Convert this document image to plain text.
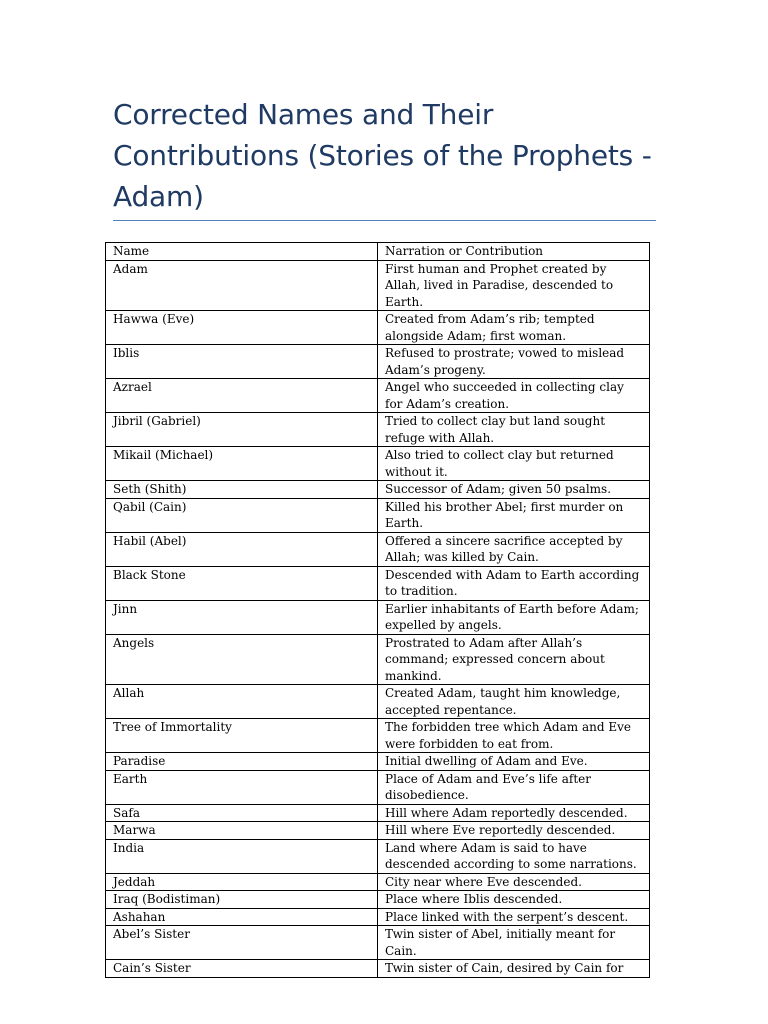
Corrected Names and Their Contributions (Stories of the Prophets - Adam)
Name	Narration or Contribution
Adam	First human and Prophet created by Allah, lived in Paradise, descended to Earth.
Hawwa (Eve)	Created from Adam’s rib; tempted alongside Adam; first woman.
Iblis	Refused to prostrate; vowed to mislead Adam’s progeny.
Azrael	Angel who succeeded in collecting clay for Adam’s creation.
Jibril (Gabriel)	Tried to collect clay but land sought refuge with Allah.
Mikail (Michael)	Also tried to collect clay but returned without it.
Seth (Shith)	Successor of Adam; given 50 psalms.
Qabil (Cain)	Killed his brother Abel; first murder on Earth.
Habil (Abel)	Offered a sincere sacrifice accepted by Allah; was killed by Cain.
Black Stone	Descended with Adam to Earth according to tradition.
Jinn	Earlier inhabitants of Earth before Adam; expelled by angels.
Angels	Prostrated to Adam after Allah’s command; expressed concern about mankind.
Allah	Created Adam, taught him knowledge, accepted repentance.
Tree of Immortality	The forbidden tree which Adam and Eve were forbidden to eat from.
Paradise	Initial dwelling of Adam and Eve.
Earth	Place of Adam and Eve’s life after disobedience.
Safa	Hill where Adam reportedly descended.
Marwa	Hill where Eve reportedly descended.
India	Land where Adam is said to have descended according to some narrations.
Jeddah	City near where Eve descended.
Iraq (Bodistiman)	Place where Iblis descended.
Ashahan	Place linked with the serpent’s descent.
Abel’s Sister	Twin sister of Abel, initially meant for Cain.
Cain’s Sister	Twin sister of Cain, desired by Cain for
